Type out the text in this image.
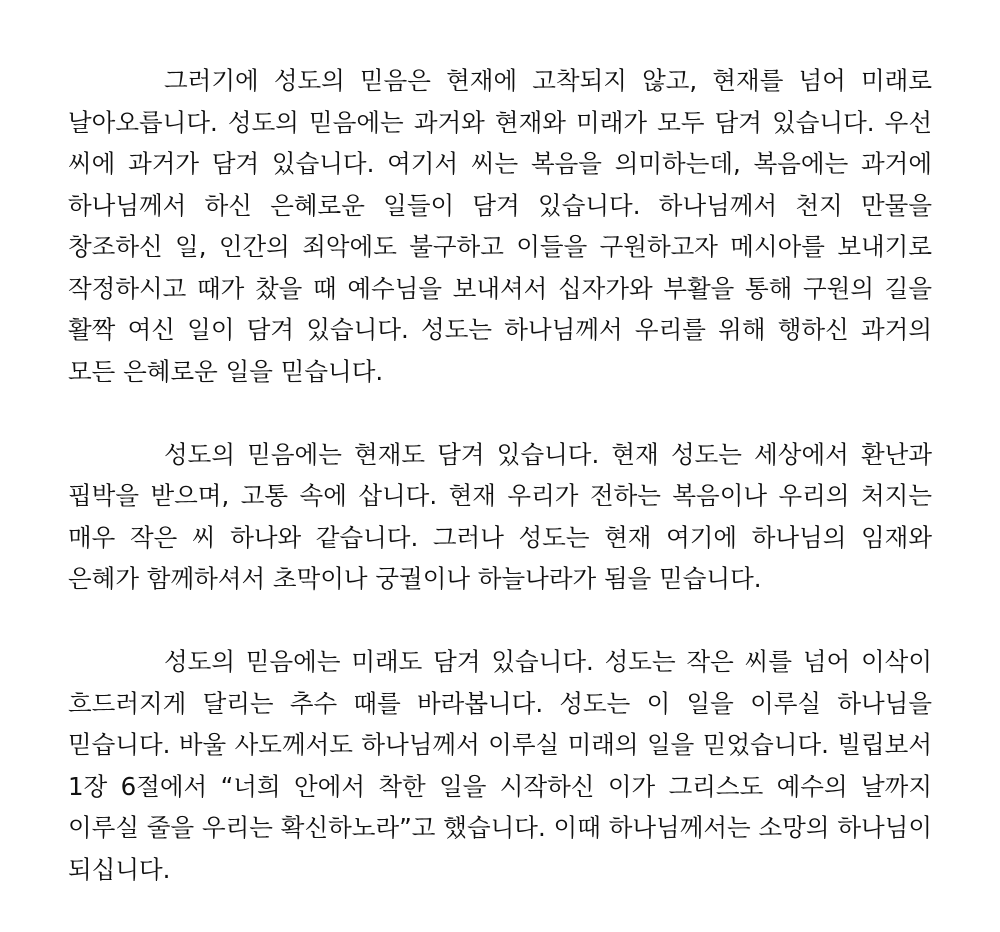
그러기에 성도의 믿음은 현재에 고착되지 않고, 현재를 넘어 미래로 날아오릅니다. 성도의 믿음에는 과거와 현재와 미래가 모두 담겨 있습니다. 우선 씨에 과거가 담겨 있습니다. 여기서 씨는 복음을 의미하는데, 복음에는 과거에 하나님께서 하신 은혜로운 일들이 담겨 있습니다. 하나님께서 천지 만물을 창조하신 일, 인간의 죄악에도 불구하고 이들을 구원하고자 메시아를 보내기로 작정하시고 때가 찼을 때 예수님을 보내셔서 십자가와 부활을 통해 구원의 길을 활짝 여신 일이 담겨 있습니다. 성도는 하나님께서 우리를 위해 행하신 과거의 모든 은혜로운 일을 믿습니다.

성도의 믿음에는 현재도 담겨 있습니다. 현재 성도는 세상에서 환난과 핍박을 받으며, 고통 속에 삽니다. 현재 우리가 전하는 복음이나 우리의 처지는 매우 작은 씨 하나와 같습니다. 그러나 성도는 현재 여기에 하나님의 임재와 은혜가 함께하셔서 초막이나 궁궐이나 하늘나라가 됨을 믿습니다.

성도의 믿음에는 미래도 담겨 있습니다. 성도는 작은 씨를 넘어 이삭이 흐드러지게 달리는 추수 때를 바라봅니다. 성도는 이 일을 이루실 하나님을 믿습니다. 바울 사도께서도 하나님께서 이루실 미래의 일을 믿었습니다. 빌립보서 1장 6절에서 “너희 안에서 착한 일을 시작하신 이가 그리스도 예수의 날까지 이루실 줄을 우리는 확신하노라”고 했습니다. 이때 하나님께서는 소망의 하나님이 되십니다.
